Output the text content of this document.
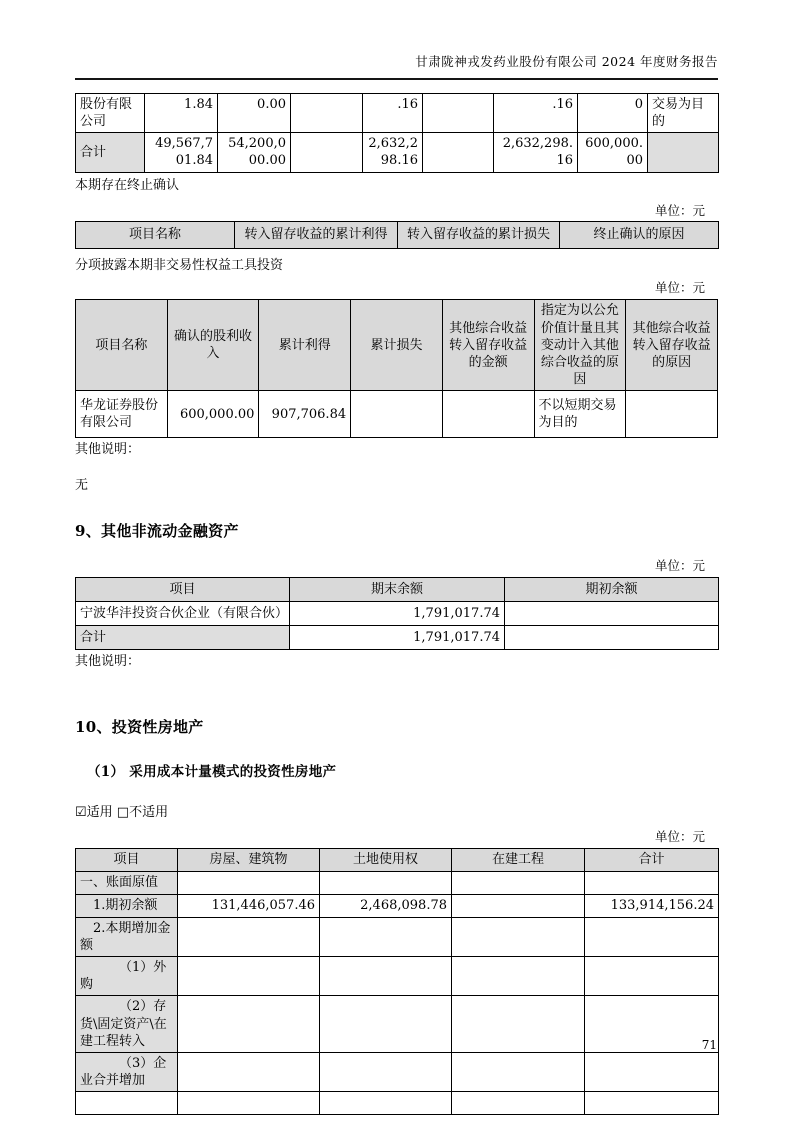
甘肃陇神戎发药业股份有限公司 2024 年度财务报告
股份有限公司	1.84	0.00		.16		.16	0	交易为目的
合计	49,567,701.84	54,200,000.00		2,632,298.16		2,632,298.16	600,000.00	

本期存在终止确认

单位：元

项目名称	转入留存收益的累计利得	转入留存收益的累计损失	终止确认的原因

分项披露本期非交易性权益工具投资

单位：元

项目名称	确认的股利收入	累计利得	累计损失	其他综合收益转入留存收益的金额	指定为以公允价值计量且其变动计入其他综合收益的原因	其他综合收益转入留存收益的原因
华龙证券股份有限公司	600,000.00	907,706.84			不以短期交易为目的	

其他说明：

无

9、其他非流动金融资产

单位：元

项目	期末余额	期初余额
宁波华沣投资合伙企业（有限合伙）	1,791,017.74	
合计	1,791,017.74	

其他说明：

10、投资性房地产

（1） 采用成本计量模式的投资性房地产

☑适用 □不适用

单位：元

项目	房屋、建筑物	土地使用权	在建工程	合计
一、账面原值				
1.期初余额	131,446,057.46	2,468,098.78		133,914,156.24
2.本期增加金额				
（1）外购				
（2）存货\固定资产\在建工程转入				
（3）企业合并增加				

71
